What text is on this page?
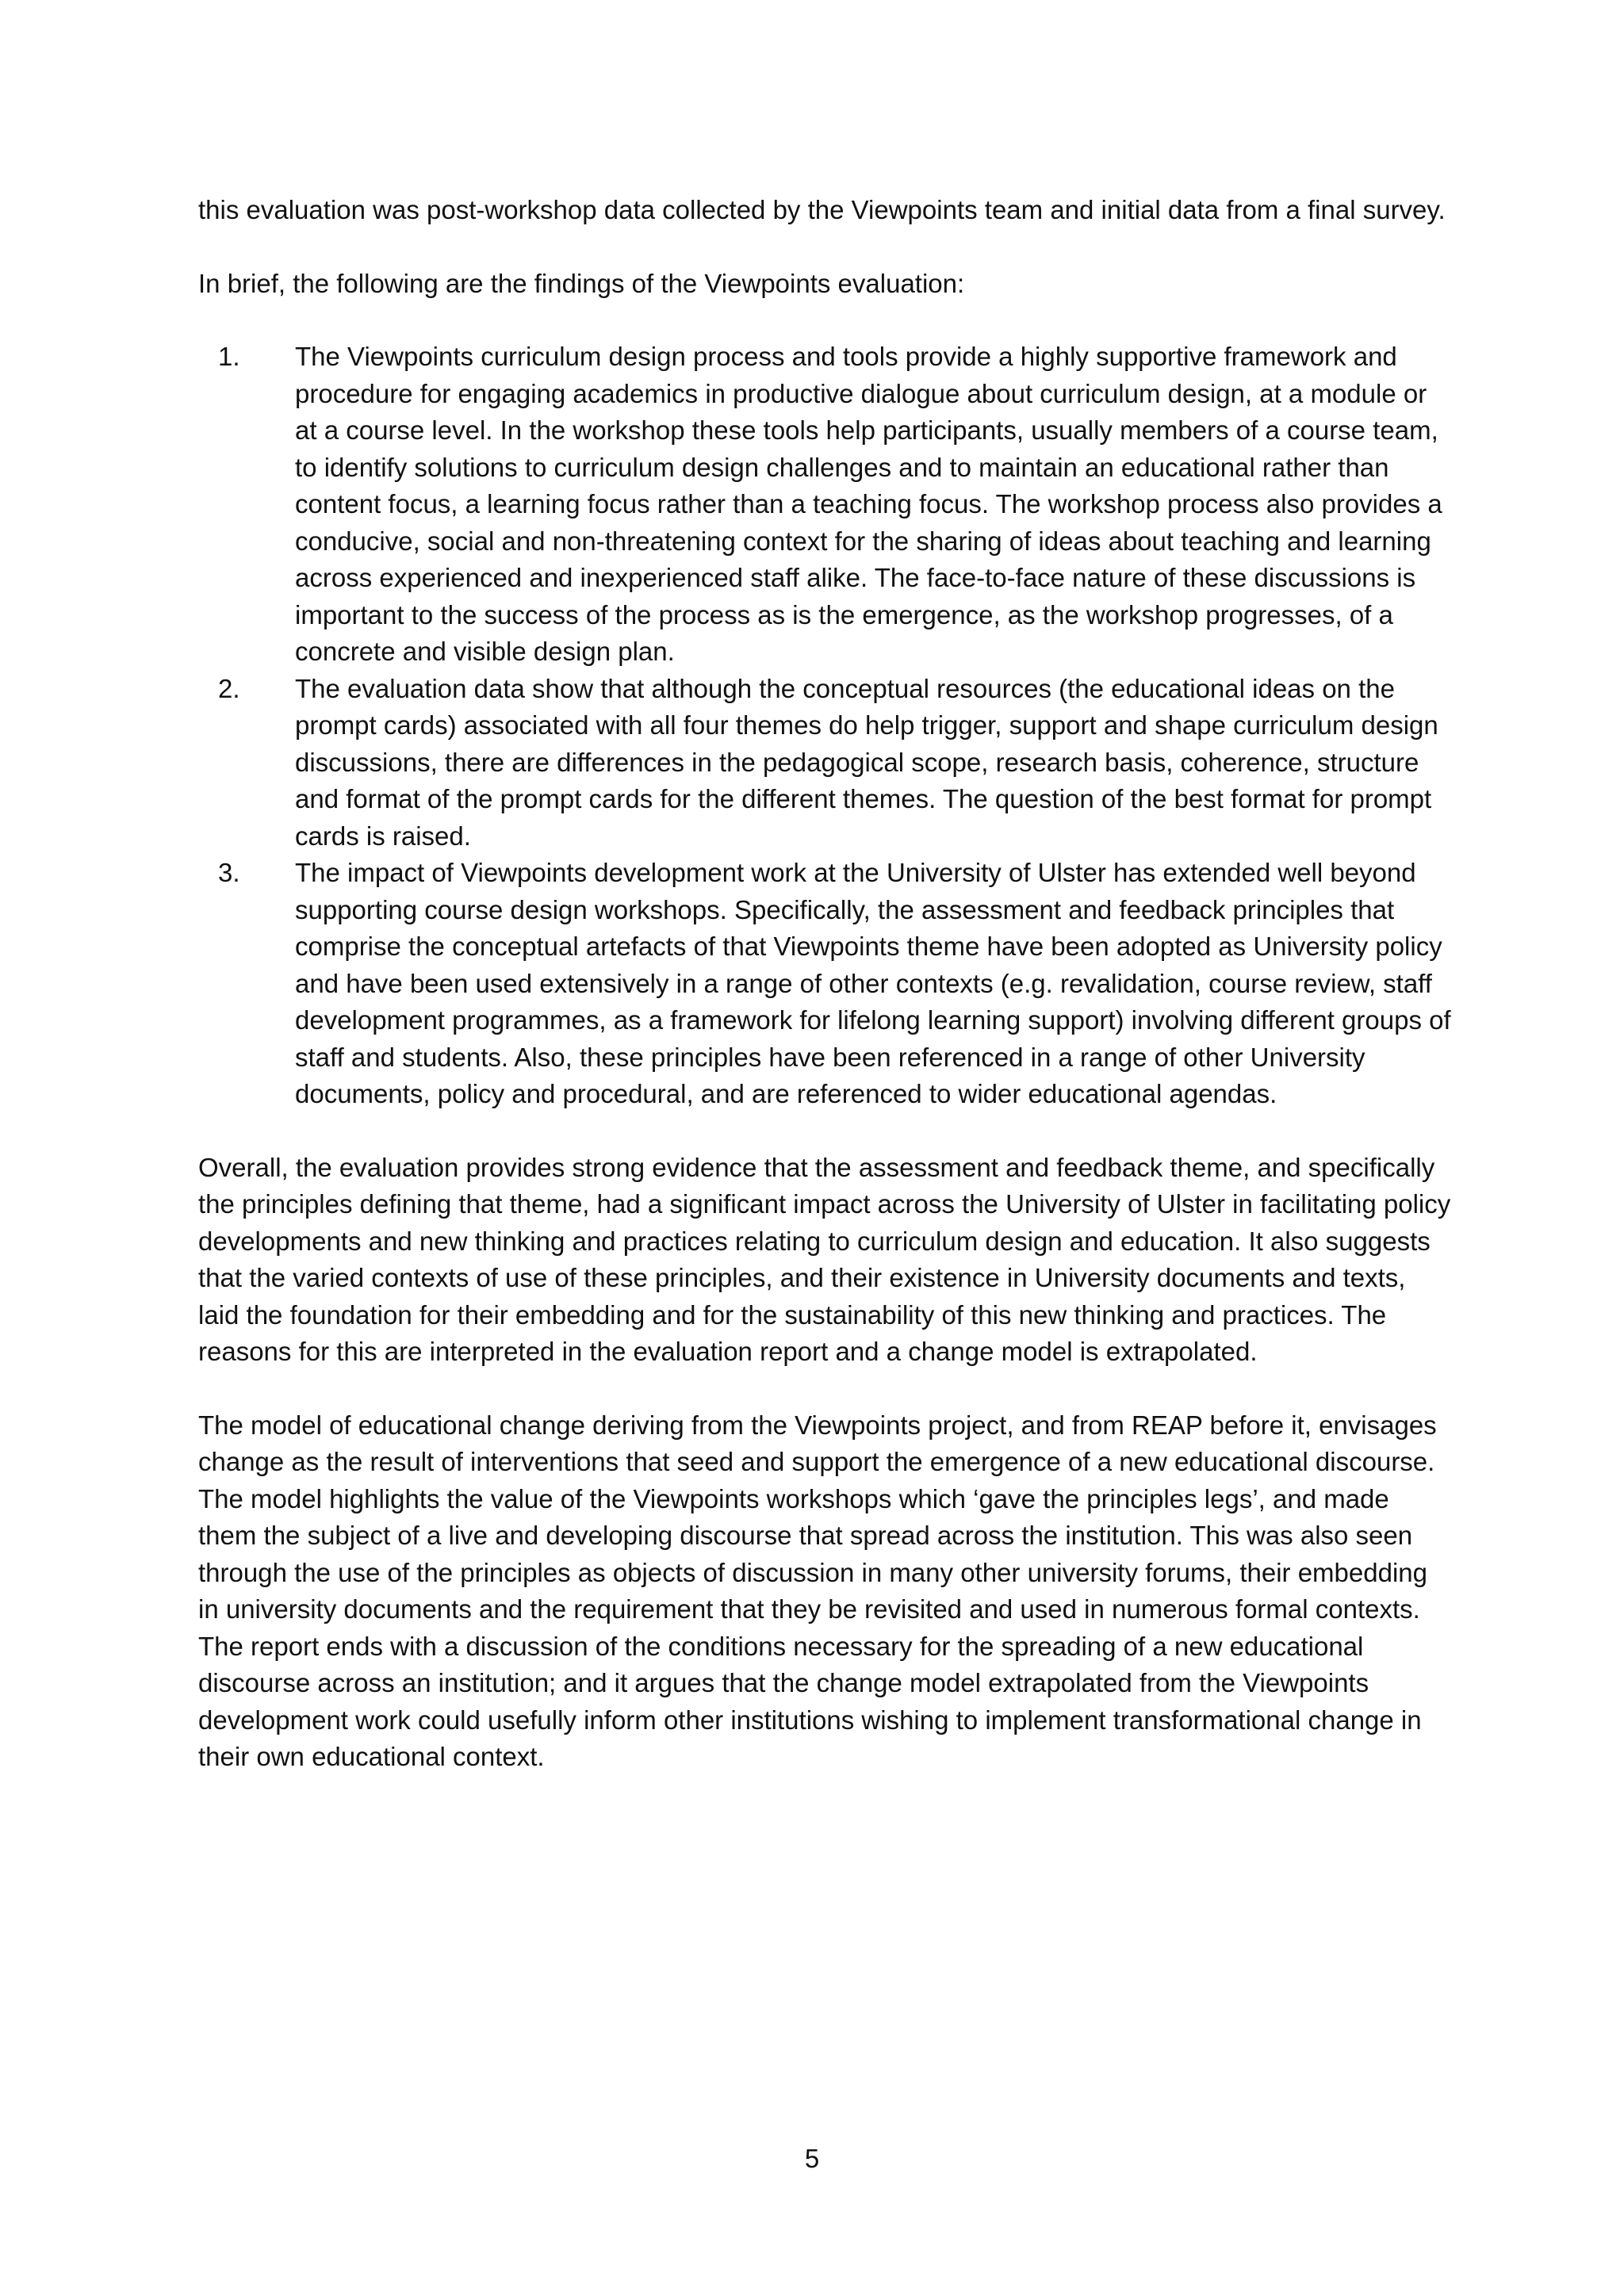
this evaluation was post-workshop data collected by the Viewpoints team and initial data from a final survey.

In brief, the following are the findings of the Viewpoints evaluation:

1. The Viewpoints curriculum design process and tools provide a highly supportive framework and procedure for engaging academics in productive dialogue about curriculum design, at a module or at a course level. In the workshop these tools help participants, usually members of a course team, to identify solutions to curriculum design challenges and to maintain an educational rather than content focus, a learning focus rather than a teaching focus. The workshop process also provides a conducive, social and non-threatening context for the sharing of ideas about teaching and learning across experienced and inexperienced staff alike. The face-to-face nature of these discussions is important to the success of the process as is the emergence, as the workshop progresses, of a concrete and visible design plan.
2. The evaluation data show that although the conceptual resources (the educational ideas on the prompt cards) associated with all four themes do help trigger, support and shape curriculum design discussions, there are differences in the pedagogical scope, research basis, coherence, structure and format of the prompt cards for the different themes. The question of the best format for prompt cards is raised.
3. The impact of Viewpoints development work at the University of Ulster has extended well beyond supporting course design workshops. Specifically, the assessment and feedback principles that comprise the conceptual artefacts of that Viewpoints theme have been adopted as University policy and have been used extensively in a range of other contexts (e.g. revalidation, course review, staff development programmes, as a framework for lifelong learning support) involving different groups of staff and students. Also, these principles have been referenced in a range of other University documents, policy and procedural, and are referenced to wider educational agendas.

Overall, the evaluation provides strong evidence that the assessment and feedback theme, and specifically the principles defining that theme, had a significant impact across the University of Ulster in facilitating policy developments and new thinking and practices relating to curriculum design and education. It also suggests that the varied contexts of use of these principles, and their existence in University documents and texts, laid the foundation for their embedding and for the sustainability of this new thinking and practices. The reasons for this are interpreted in the evaluation report and a change model is extrapolated.

The model of educational change deriving from the Viewpoints project, and from REAP before it, envisages change as the result of interventions that seed and support the emergence of a new educational discourse. The model highlights the value of the Viewpoints workshops which ‘gave the principles legs’, and made them the subject of a live and developing discourse that spread across the institution. This was also seen through the use of the principles as objects of discussion in many other university forums, their embedding in university documents and the requirement that they be revisited and used in numerous formal contexts. The report ends with a discussion of the conditions necessary for the spreading of a new educational discourse across an institution; and it argues that the change model extrapolated from the Viewpoints development work could usefully inform other institutions wishing to implement transformational change in their own educational context.

5
